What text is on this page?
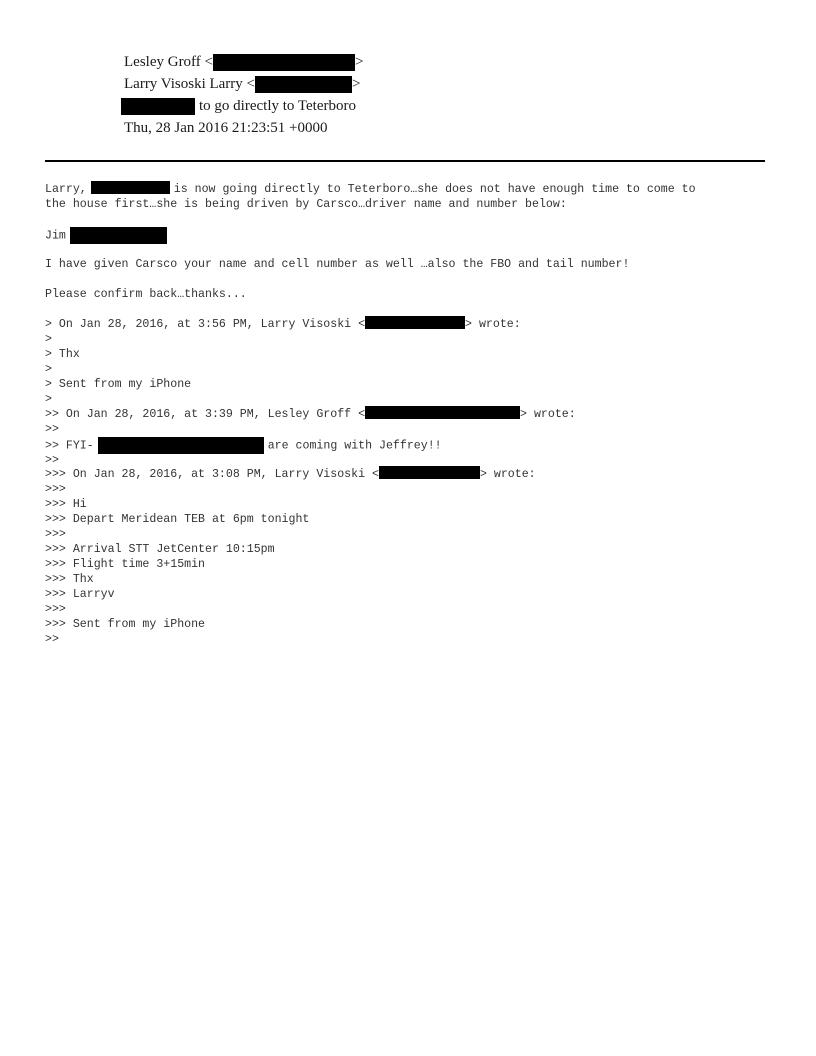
Lesley Groff <	>
Larry Visoski Larry <	>
to go directly to Teterboro
Thu, 28 Jan 2016 21:23:51 +0000
Larry,	is now going directly to Teterboro…she does not have enough time to come to
the house first…she is being driven by Carsco…driver name and number below:
Jim
I have given Carsco your name and cell number as well …also the FBO and tail number!
Please confirm back…thanks...
> On Jan 28, 2016, at 3:56 PM, Larry Visoski <	> wrote:
>
> Thx
>
> Sent from my iPhone
>
>> On Jan 28, 2016, at 3:39 PM, Lesley Groff <	> wrote:
>>
>> FYI-	are coming with Jeffrey!!
>>
>>> On Jan 28, 2016, at 3:08 PM, Larry Visoski <	> wrote:
>>>
>>> Hi
>>> Depart Meridean TEB at 6pm tonight
>>>
>>> Arrival STT JetCenter 10:15pm
>>> Flight time 3+15min
>>> Thx
>>> Larryv
>>>
>>> Sent from my iPhone
>>
